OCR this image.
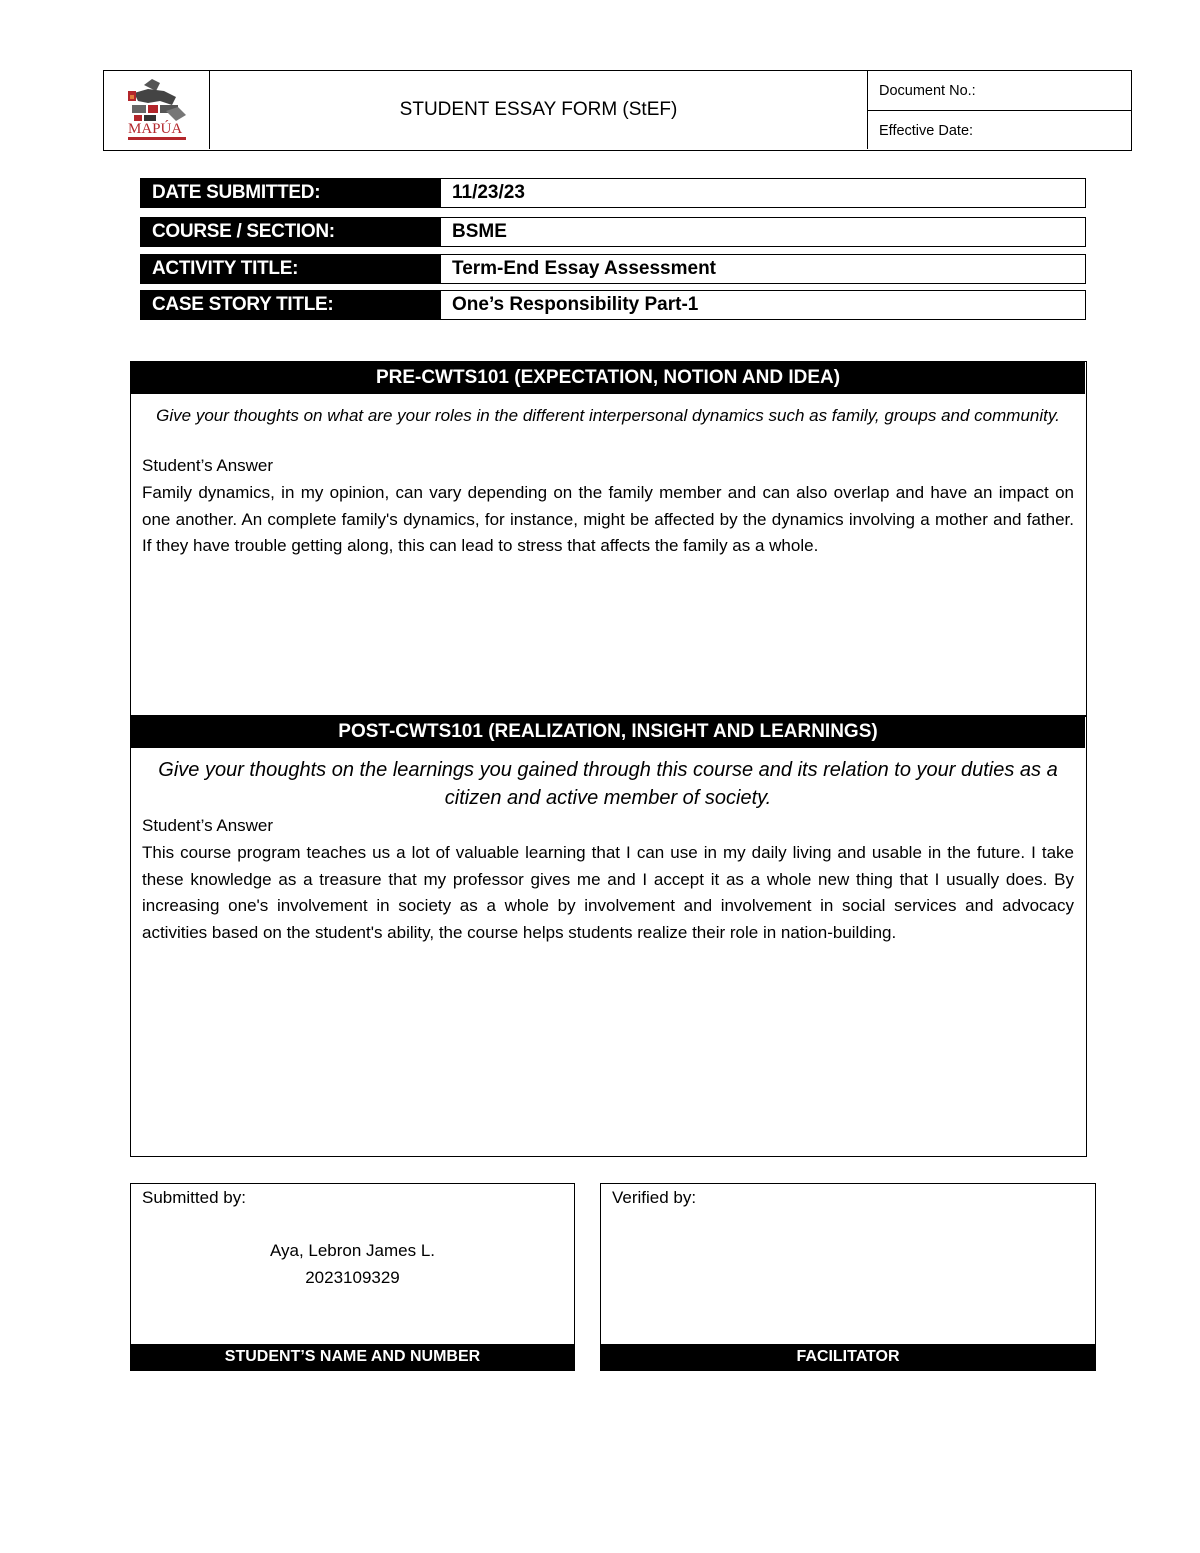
MAPÚA
STUDENT ESSAY FORM (StEF)
Document No.:
Effective Date:
DATE SUBMITTED:	11/23/23
COURSE / SECTION:	BSME
ACTIVITY TITLE:	Term-End Essay Assessment
CASE STORY TITLE:	One’s Responsibility Part-1
PRE-CWTS101 (EXPECTATION, NOTION AND IDEA)
Give your thoughts on what are your roles in the different interpersonal dynamics such as family, groups and community.
Student’s Answer
Family dynamics, in my opinion, can vary depending on the family member and can also overlap and have an impact on one another. An complete family's dynamics, for instance, might be affected by the dynamics involving a mother and father. If they have trouble getting along, this can lead to stress that affects the family as a whole.
POST-CWTS101 (REALIZATION, INSIGHT AND LEARNINGS)
Give your thoughts on the learnings you gained through this course and its relation to your duties as a citizen and active member of society.
Student’s Answer
This course program teaches us a lot of valuable learning that I can use in my daily living and usable in the future. I take these knowledge as a treasure that my professor gives me and I accept it as a whole new thing that I usually does. By increasing one's involvement in society as a whole by involvement and involvement in social services and advocacy activities based on the student's ability, the course helps students realize their role in nation-building.
Submitted by:
Aya, Lebron James L.
2023109329
STUDENT’S NAME AND NUMBER
Verified by:
FACILITATOR
